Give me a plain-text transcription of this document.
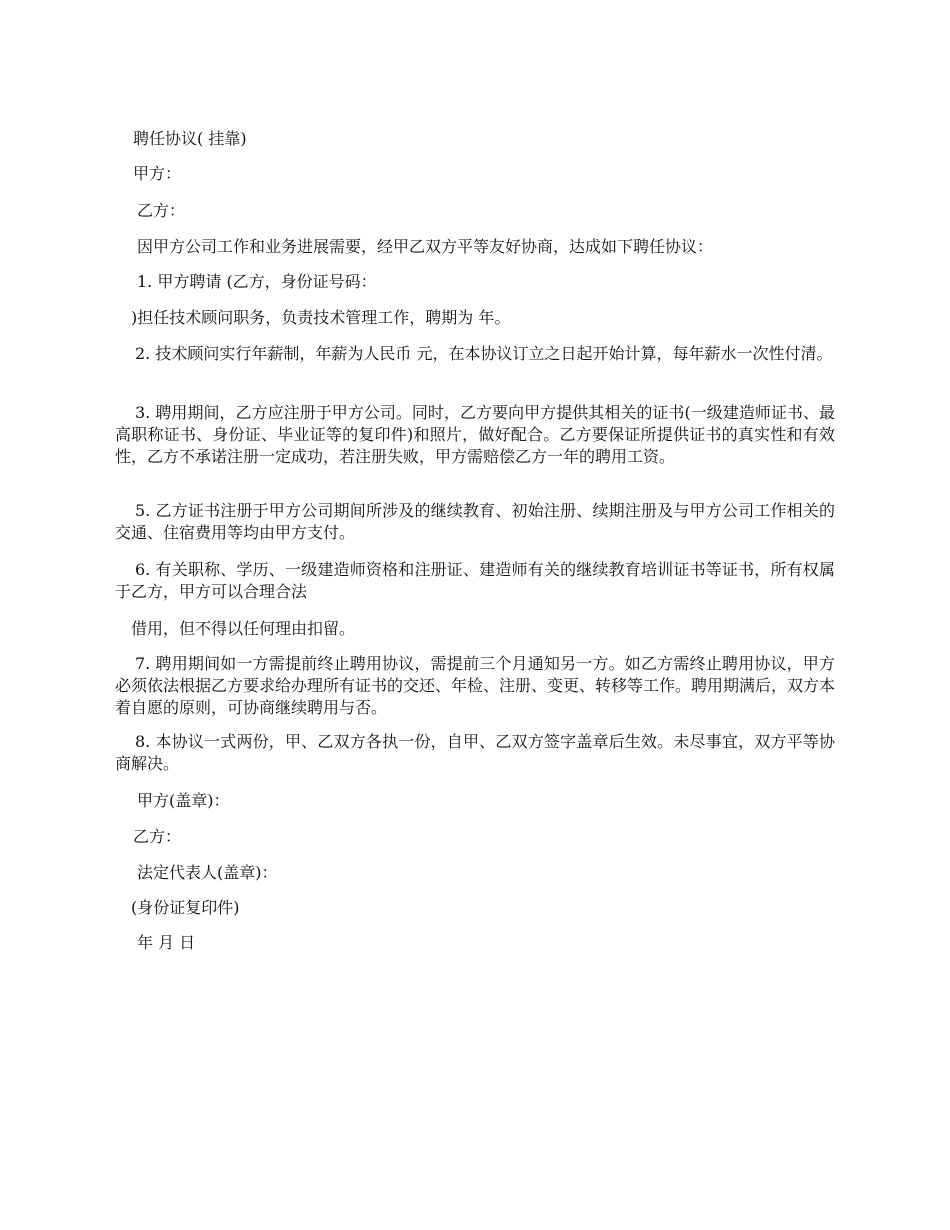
聘任协议( 挂靠)
甲方：
乙方：
因甲方公司工作和业务进展需要，经甲乙双方平等友好协商，达成如下聘任协议：
1. 甲方聘请 (乙方，身份证号码：
)担任技术顾问职务，负责技术管理工作，聘期为 年。
2. 技术顾问实行年薪制，年薪为人民币 元，在本协议订立之日起开始计算，每年薪水一次性付清。
3. 聘用期间，乙方应注册于甲方公司。同时，乙方要向甲方提供其相关的证书(一级建造师证书、最高职称证书、身份证、毕业证等的复印件)和照片，做好配合。乙方要保证所提供证书的真实性和有效性，乙方不承诺注册一定成功，若注册失败，甲方需赔偿乙方一年的聘用工资。
5. 乙方证书注册于甲方公司期间所涉及的继续教育、初始注册、续期注册及与甲方公司工作相关的交通、住宿费用等均由甲方支付。
6. 有关职称、学历、一级建造师资格和注册证、建造师有关的继续教育培训证书等证书，所有权属于乙方，甲方可以合理合法
借用，但不得以任何理由扣留。
7. 聘用期间如一方需提前终止聘用协议，需提前三个月通知另一方。如乙方需终止聘用协议，甲方必须依法根据乙方要求给办理所有证书的交还、年检、注册、变更、转移等工作。聘用期满后，双方本着自愿的原则，可协商继续聘用与否。
8. 本协议一式两份，甲、乙双方各执一份，自甲、乙双方签字盖章后生效。未尽事宜，双方平等协商解决。
甲方(盖章)：
乙方：
法定代表人(盖章)：
(身份证复印件)
年 月 日
